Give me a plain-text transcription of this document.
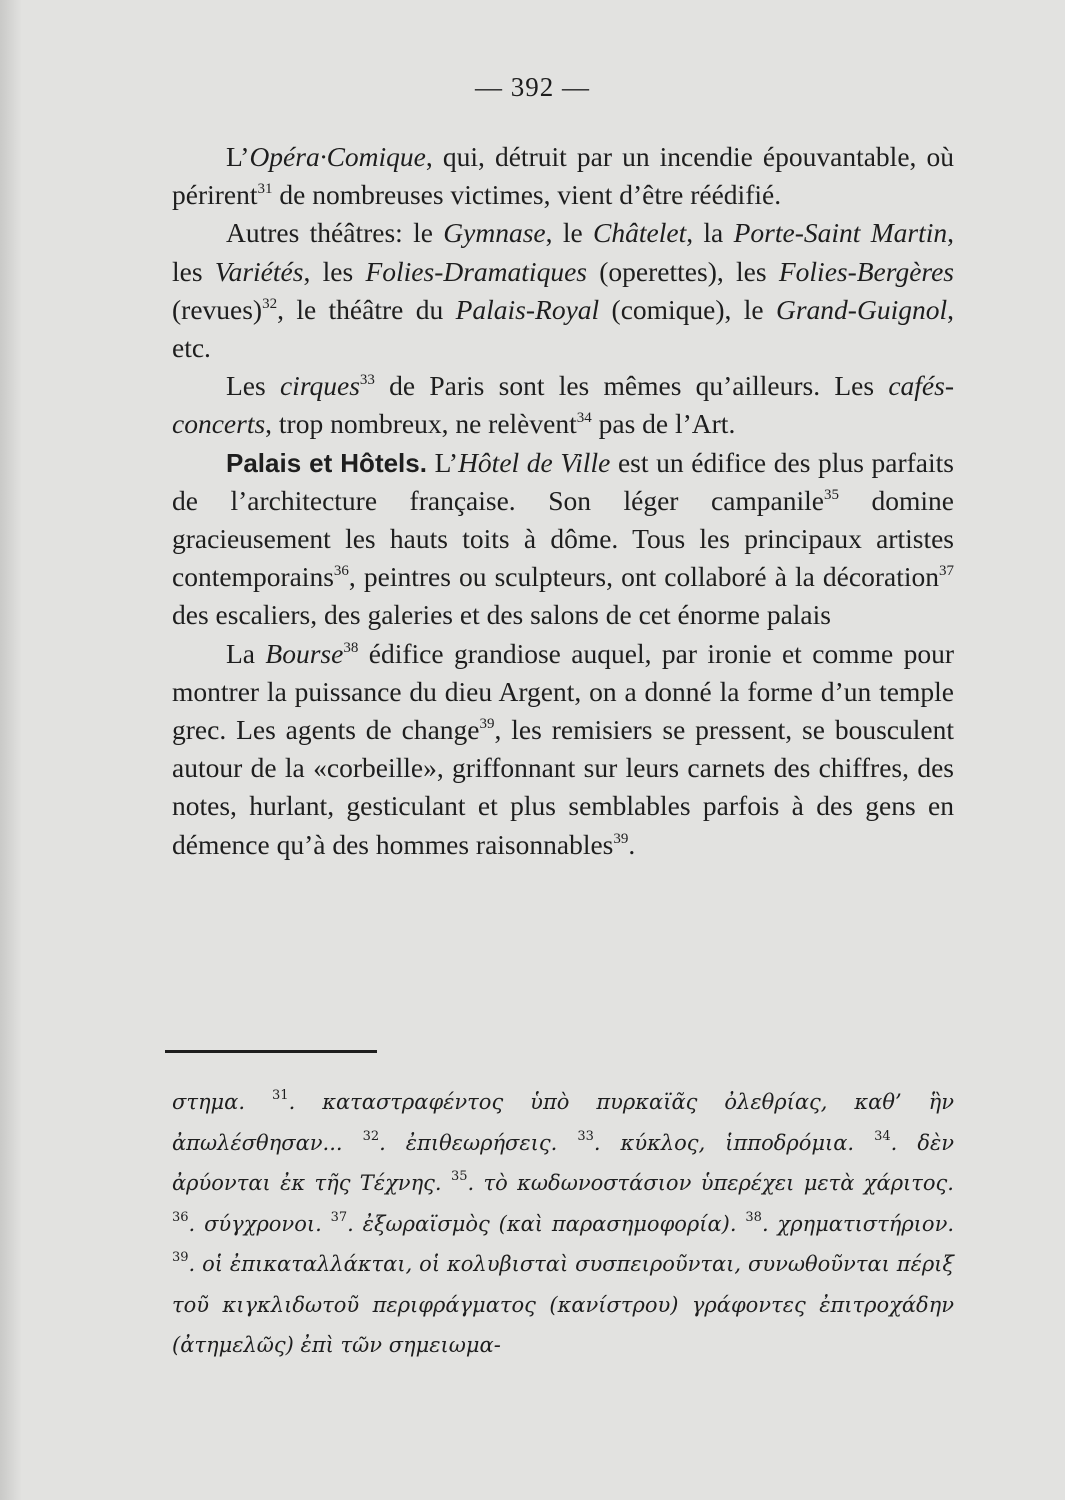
— 392 —

L’Opéra·Comique, qui, détruit par un incendie épouvantable, où périrent$^{31}$ de nombreuses victimes, vient d’être réédifié.

Autres théâtres: le Gymnase, le Châtelet, la Porte-Saint Martin, les Variétés, les Folies-Dramatiques (operettes), les Folies-Bergères (revues)$^{32}$, le théâtre du Palais-Royal (comique), le Grand-Guignol, etc.

Les cirques$^{33}$ de Paris sont les mêmes qu’ailleurs. Les cafés-concerts, trop nombreux, ne relèvent$^{34}$ pas de l’Art.

Palais et Hôtels. L’Hôtel de Ville est un édifice des plus parfaits de l’architecture française. Son léger campanile$^{35}$ domine gracieusement les hauts toits à dôme. Tous les principaux artistes contemporains$^{36}$, peintres ou sculpteurs, ont collaboré à la décoration$^{37}$ des escaliers, des galeries et des salons de cet énorme palais

La Bourse$^{38}$ édifice grandiose auquel, par ironie et comme pour montrer la puissance du dieu Argent, on a donné la forme d’un temple grec. Les agents de change$^{39}$, les remisiers se pressent, se bousculent autour de la «corbeille», griffonnant sur leurs carnets des chiffres, des notes, hurlant, gesticulant et plus semblables parfois à des gens en démence qu’à des hommes raisonnables$^{39}$.

στημα. $^{31}$. καταστραφέντος ὑπὸ πυρκαϊᾶς ὀλεθρίας, καθ’ ἣν ἀπωλέσθησαν... $^{32}$. ἐπιθεωρήσεις. $^{33}$. κύκλος, ἱπποδρόμια. $^{34}$. δὲν ἀρύονται ἐκ τῆς Τέχνης. $^{35}$. τὸ κωδωνοστάσιον ὑπερέχει μετὰ χάριτος. $^{36}$. σύγχρονοι. $^{37}$. ἐξωραϊσμὸς (καὶ παρασημοφορία). $^{38}$. χρηματιστήριον. $^{39}$. οἱ ἐπικαταλλάκται, οἱ κολυβισταὶ συσπειροῦνται, συνωθοῦνται πέριξ τοῦ κιγκλιδωτοῦ περιφράγματος (κανίστρου) γράφοντες ἐπιτροχάδην (ἀτημελῶς) ἐπὶ τῶν σημειωμα-
